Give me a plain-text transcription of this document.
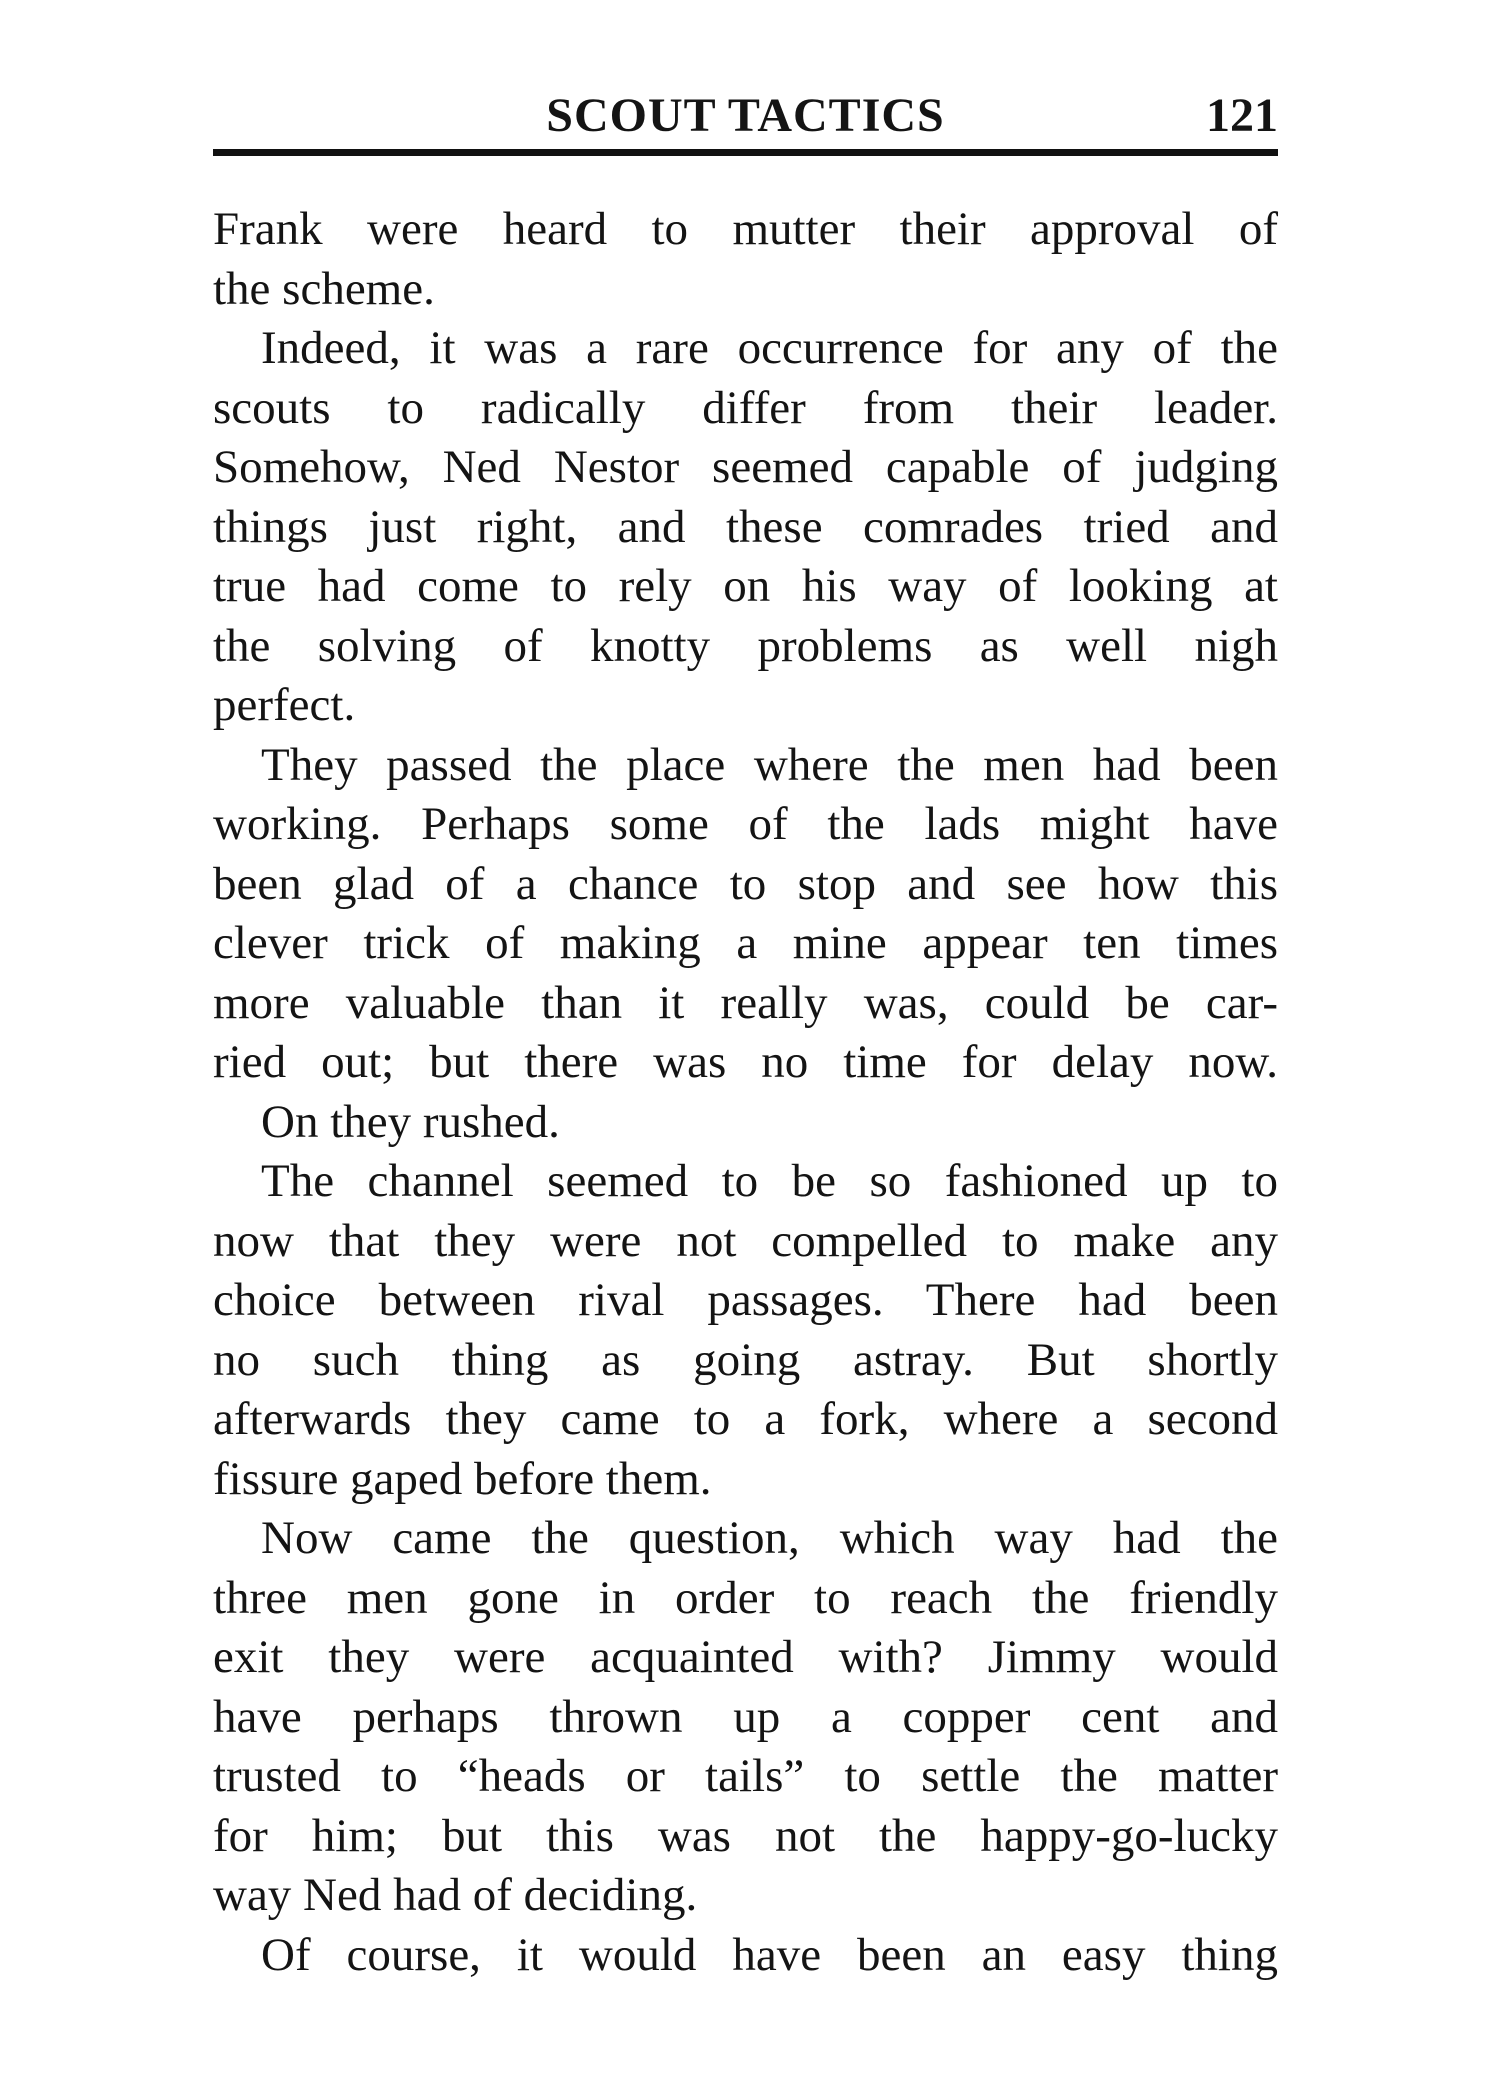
SCOUT TACTICS	121
Frank were heard to mutter their approval of
the scheme.
Indeed, it was a rare occurrence for any of the
scouts to radically differ from their leader.
Somehow, Ned Nestor seemed capable of judging
things just right, and these comrades tried and
true had come to rely on his way of looking at
the solving of knotty problems as well nigh
perfect.
They passed the place where the men had been
working. Perhaps some of the lads might have
been glad of a chance to stop and see how this
clever trick of making a mine appear ten times
more valuable than it really was, could be car-
ried out; but there was no time for delay now.
On they rushed.
The channel seemed to be so fashioned up to
now that they were not compelled to make any
choice between rival passages. There had been
no such thing as going astray. But shortly
afterwards they came to a fork, where a second
fissure gaped before them.
Now came the question, which way had the
three men gone in order to reach the friendly
exit they were acquainted with? Jimmy would
have perhaps thrown up a copper cent and
trusted to “heads or tails” to settle the matter
for him; but this was not the happy-go-lucky
way Ned had of deciding.
Of course, it would have been an easy thing
